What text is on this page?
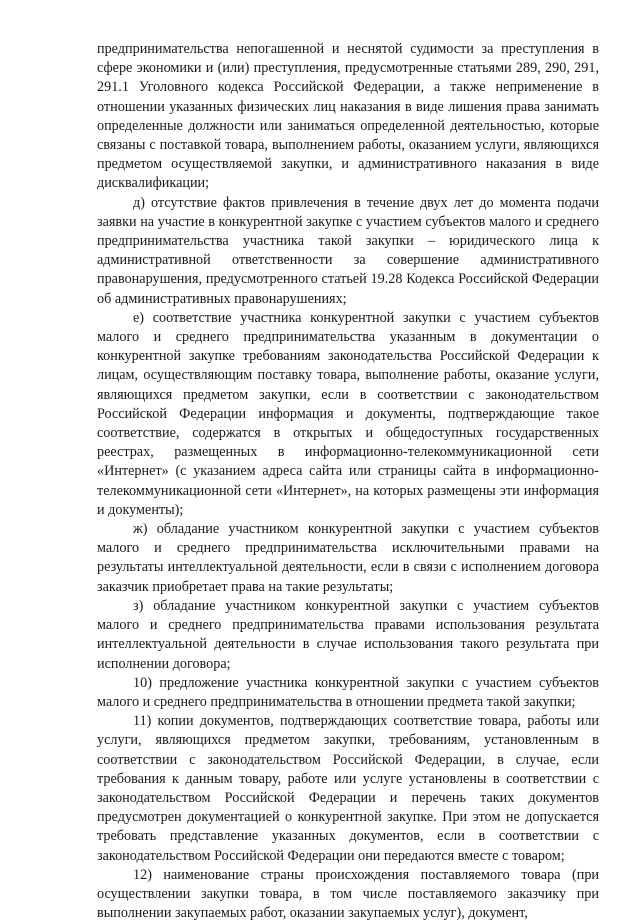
предпринимательства непогашенной и неснятой судимости за преступления в сфере экономики и (или) преступления, предусмотренные статьями 289, 290, 291, 291.1 Уголовного кодекса Российской Федерации, а также неприменение в отношении указанных физических лиц наказания в виде лишения права занимать определенные должности или заниматься определенной деятельностью, которые связаны с поставкой товара, выполнением работы, оказанием услуги, являющихся предметом осуществляемой закупки, и административного наказания в виде дисквалификации;

д) отсутствие фактов привлечения в течение двух лет до момента подачи заявки на участие в конкурентной закупке с участием субъектов малого и среднего предпринимательства участника такой закупки – юридического лица к административной ответственности за совершение административного правонарушения, предусмотренного статьей 19.28 Кодекса Российской Федерации об административных правонарушениях;

е) соответствие участника конкурентной закупки с участием субъектов малого и среднего предпринимательства указанным в документации о конкурентной закупке требованиям законодательства Российской Федерации к лицам, осуществляющим поставку товара, выполнение работы, оказание услуги, являющихся предметом закупки, если в соответствии с законодательством Российской Федерации информация и документы, подтверждающие такое соответствие, содержатся в открытых и общедоступных государственных реестрах, размещенных в информационно-телекоммуникационной сети «Интернет» (с указанием адреса сайта или страницы сайта в информационно-телекоммуникационной сети «Интернет», на которых размещены эти информация и документы);

ж) обладание участником конкурентной закупки с участием субъектов малого и среднего предпринимательства исключительными правами на результаты интеллектуальной деятельности, если в связи с исполнением договора заказчик приобретает права на такие результаты;

з) обладание участником конкурентной закупки с участием субъектов малого и среднего предпринимательства правами использования результата интеллектуальной деятельности в случае использования такого результата при исполнении договора;

10) предложение участника конкурентной закупки с участием субъектов малого и среднего предпринимательства в отношении предмета такой закупки;

11) копии документов, подтверждающих соответствие товара, работы или услуги, являющихся предметом закупки, требованиям, установленным в соответствии с законодательством Российской Федерации, в случае, если требования к данным товару, работе или услуге установлены в соответствии с законодательством Российской Федерации и перечень таких документов предусмотрен документацией о конкурентной закупке. При этом не допускается требовать представление указанных документов, если в соответствии с законодательством Российской Федерации они передаются вместе с товаром;

12) наименование страны происхождения поставляемого товара (при осуществлении закупки товара, в том числе поставляемого заказчику при выполнении закупаемых работ, оказании закупаемых услуг), документ,
